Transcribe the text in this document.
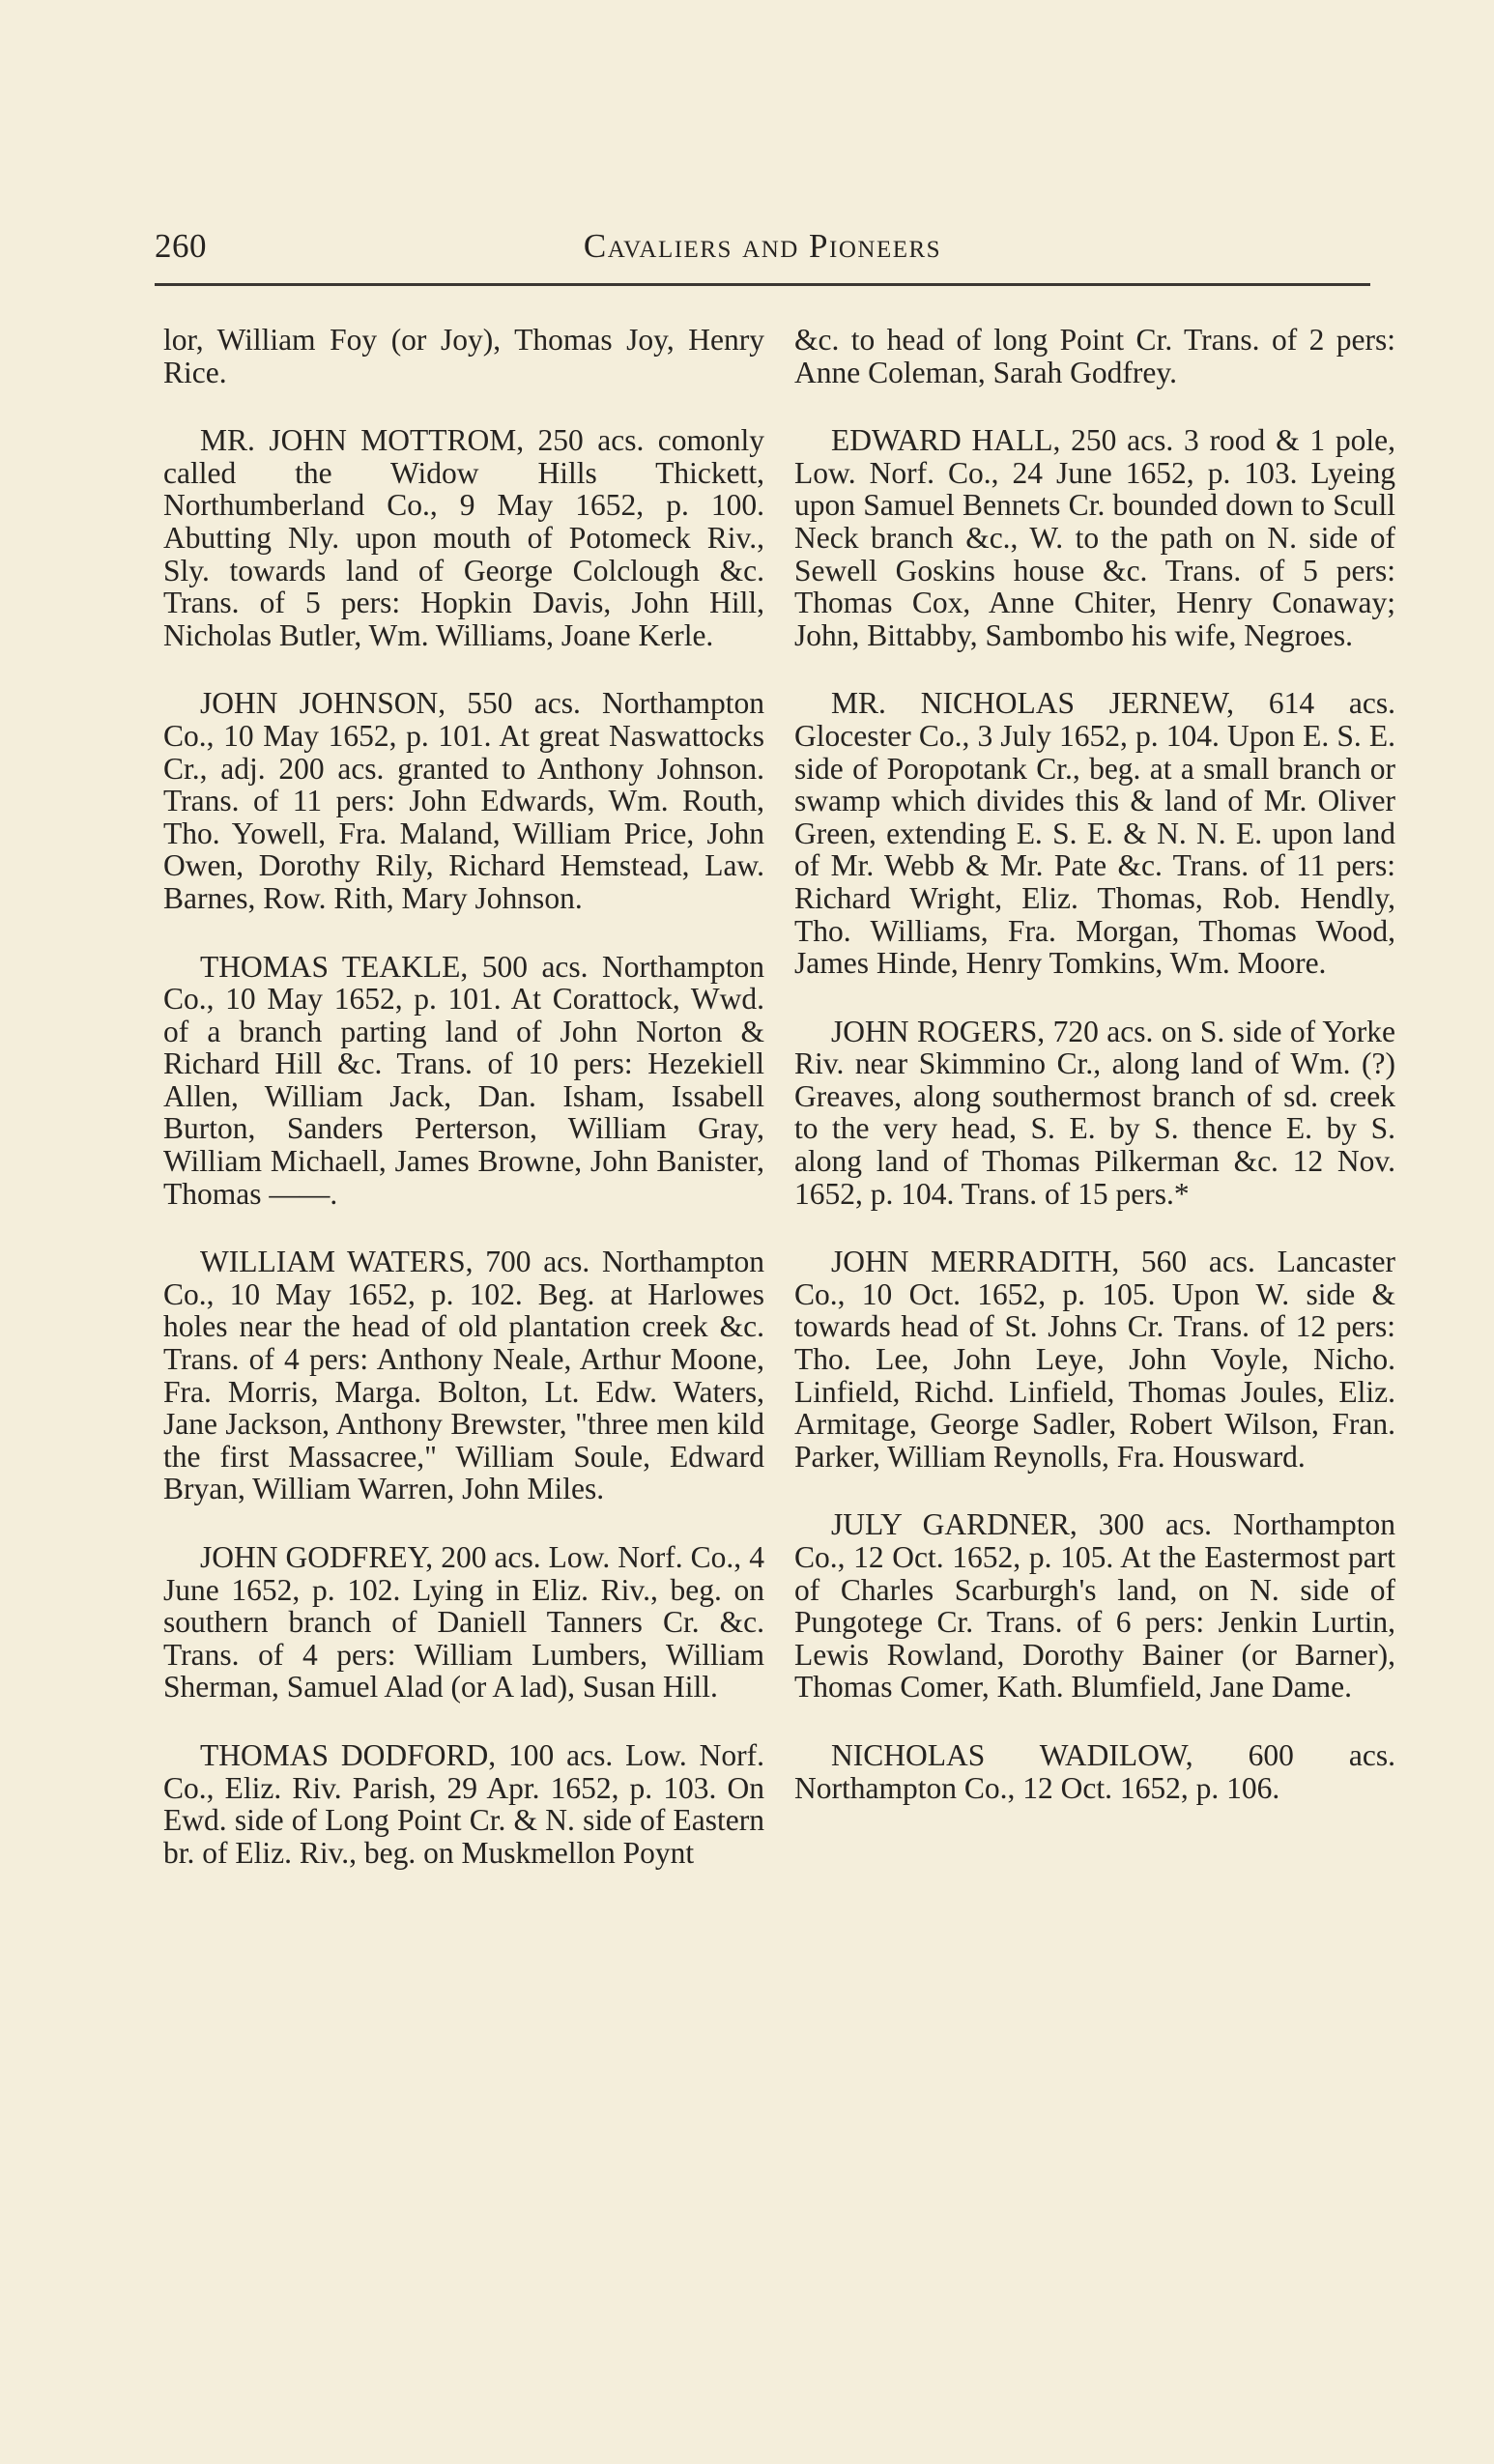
260	Cavaliers and Pioneers

lor, William Foy (or Joy), Thomas Joy, Henry Rice.

MR. JOHN MOTTROM, 250 acs. comonly called the Widow Hills Thickett, Northumberland Co., 9 May 1652, p. 100. Abutting Nly. upon mouth of Potomeck Riv., Sly. towards land of George Colclough &c. Trans. of 5 pers: Hopkin Davis, John Hill, Nicholas Butler, Wm. Williams, Joane Kerle.

JOHN JOHNSON, 550 acs. Northampton Co., 10 May 1652, p. 101. At great Naswattocks Cr., adj. 200 acs. granted to Anthony Johnson. Trans. of 11 pers: John Edwards, Wm. Routh, Tho. Yowell, Fra. Maland, William Price, John Owen, Dorothy Rily, Richard Hemstead, Law. Barnes, Row. Rith, Mary Johnson.

THOMAS TEAKLE, 500 acs. Northampton Co., 10 May 1652, p. 101. At Corattock, Wwd. of a branch parting land of John Norton & Richard Hill &c. Trans. of 10 pers: Hezekiell Allen, William Jack, Dan. Isham, Issabell Burton, Sanders Perterson, William Gray, William Michaell, James Browne, John Banister, Thomas ——.

WILLIAM WATERS, 700 acs. Northampton Co., 10 May 1652, p. 102. Beg. at Harlowes holes near the head of old plantation creek &c. Trans. of 4 pers: Anthony Neale, Arthur Moone, Fra. Morris, Marga. Bolton, Lt. Edw. Waters, Jane Jackson, Anthony Brewster, "three men kild the first Massacree," William Soule, Edward Bryan, William Warren, John Miles.

JOHN GODFREY, 200 acs. Low. Norf. Co., 4 June 1652, p. 102. Lying in Eliz. Riv., beg. on southern branch of Daniell Tanners Cr. &c. Trans. of 4 pers: William Lumbers, William Sherman, Samuel Alad (or A lad), Susan Hill.

THOMAS DODFORD, 100 acs. Low. Norf. Co., Eliz. Riv. Parish, 29 Apr. 1652, p. 103. On Ewd. side of Long Point Cr. & N. side of Eastern br. of Eliz. Riv., beg. on Muskmellon Poynt

&c. to head of long Point Cr. Trans. of 2 pers: Anne Coleman, Sarah Godfrey.

EDWARD HALL, 250 acs. 3 rood & 1 pole, Low. Norf. Co., 24 June 1652, p. 103. Lyeing upon Samuel Bennets Cr. bounded down to Scull Neck branch &c., W. to the path on N. side of Sewell Goskins house &c. Trans. of 5 pers: Thomas Cox, Anne Chiter, Henry Conaway; John, Bittabby, Sambombo his wife, Negroes.

MR. NICHOLAS JERNEW, 614 acs. Glocester Co., 3 July 1652, p. 104. Upon E. S. E. side of Poropotank Cr., beg. at a small branch or swamp which divides this & land of Mr. Oliver Green, extending E. S. E. & N. N. E. upon land of Mr. Webb & Mr. Pate &c. Trans. of 11 pers: Richard Wright, Eliz. Thomas, Rob. Hendly, Tho. Williams, Fra. Morgan, Thomas Wood, James Hinde, Henry Tomkins, Wm. Moore.

JOHN ROGERS, 720 acs. on S. side of Yorke Riv. near Skimmino Cr., along land of Wm. (?) Greaves, along southermost branch of sd. creek to the very head, S. E. by S. thence E. by S. along land of Thomas Pilkerman &c. 12 Nov. 1652, p. 104. Trans. of 15 pers.*

JOHN MERRADITH, 560 acs. Lancaster Co., 10 Oct. 1652, p. 105. Upon W. side & towards head of St. Johns Cr. Trans. of 12 pers: Tho. Lee, John Leye, John Voyle, Nicho. Linfield, Richd. Linfield, Thomas Joules, Eliz. Armitage, George Sadler, Robert Wilson, Fran. Parker, William Reynolls, Fra. Housward.

JULY GARDNER, 300 acs. Northampton Co., 12 Oct. 1652, p. 105. At the Eastermost part of Charles Scarburgh's land, on N. side of Pungotege Cr. Trans. of 6 pers: Jenkin Lurtin, Lewis Rowland, Dorothy Bainer (or Barner), Thomas Comer, Kath. Blumfield, Jane Dame.

NICHOLAS WADILOW, 600 acs. Northampton Co., 12 Oct. 1652, p. 106.
